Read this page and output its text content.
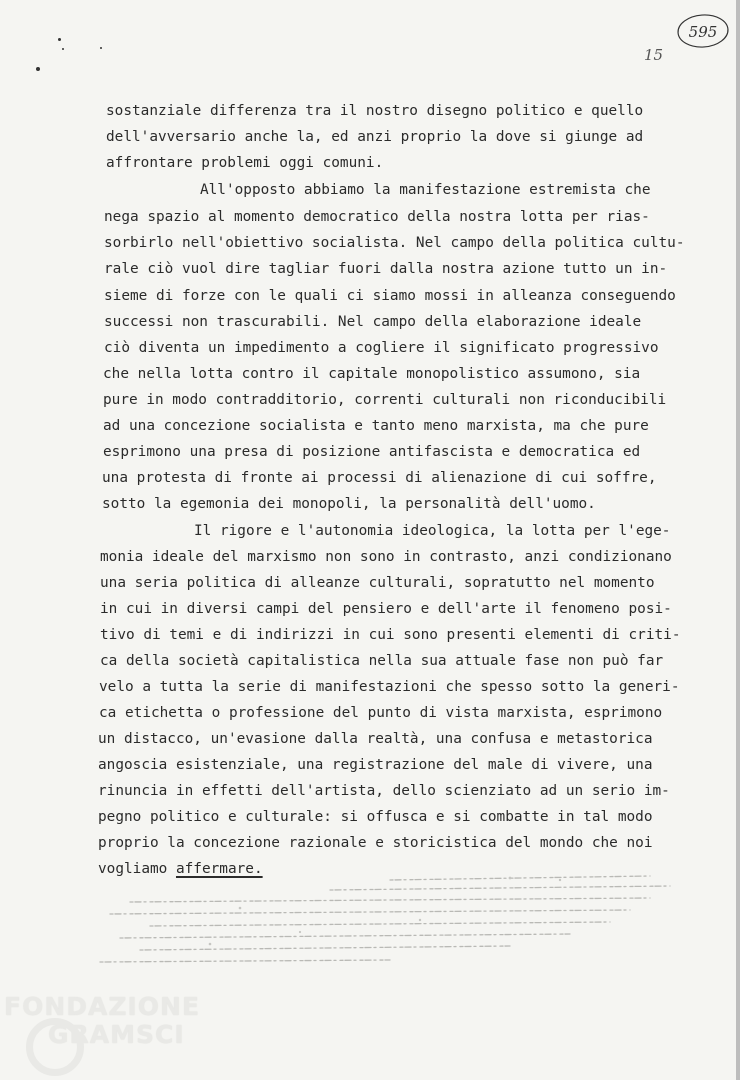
595
15

sostanziale differenza tra il nostro disegno politico e quello

dell'avversario anche la, ed anzi proprio la dove si giunge ad

affrontare problemi oggi comuni.

All'opposto abbiamo la manifestazione estremista che

nega spazio al momento democratico della nostra lotta per rias-

sorbirlo nell'obiettivo socialista. Nel campo della politica cultu-

rale ciò vuol dire tagliar fuori dalla nostra azione tutto un in-

sieme di forze con le quali ci siamo mossi in alleanza conseguendo

successi non trascurabili. Nel campo della elaborazione ideale

ciò diventa un impedimento a cogliere il significato progressivo

che nella lotta contro il capitale monopolistico assumono, sia

pure in modo contradditorio, correnti culturali non riconducibili

ad una concezione socialista e tanto meno marxista, ma che pure

esprimono una presa di posizione antifascista e democratica ed

una protesta di fronte ai processi di alienazione di cui soffre,

sotto la egemonia dei monopoli, la personalità dell'uomo.

Il rigore e l'autonomia ideologica, la lotta per l'ege-

monia ideale del marxismo non sono in contrasto, anzi condizionano

una seria politica di alleanze culturali, sopratutto nel momento

in cui in diversi campi del pensiero e dell'arte il fenomeno posi-

tivo di temi e di indirizzi in cui sono presenti elementi di criti-

ca della società capitalistica nella sua attuale fase non può far

velo a tutta la serie di manifestazioni che spesso sotto la generi-

ca etichetta o professione del punto di vista marxista, esprimono

un distacco, un'evasione dalla realtà, una confusa e metastorica

angoscia esistenziale, una registrazione del male di vivere, una

rinuncia in effetti dell'artista, dello scienziato ad un serio im-

pegno politico e culturale: si offusca e si combatte in tal modo

proprio la concezione razionale e storicistica del mondo che noi

vogliamo affermare.

FONDAZIONE
GRAMSCI
